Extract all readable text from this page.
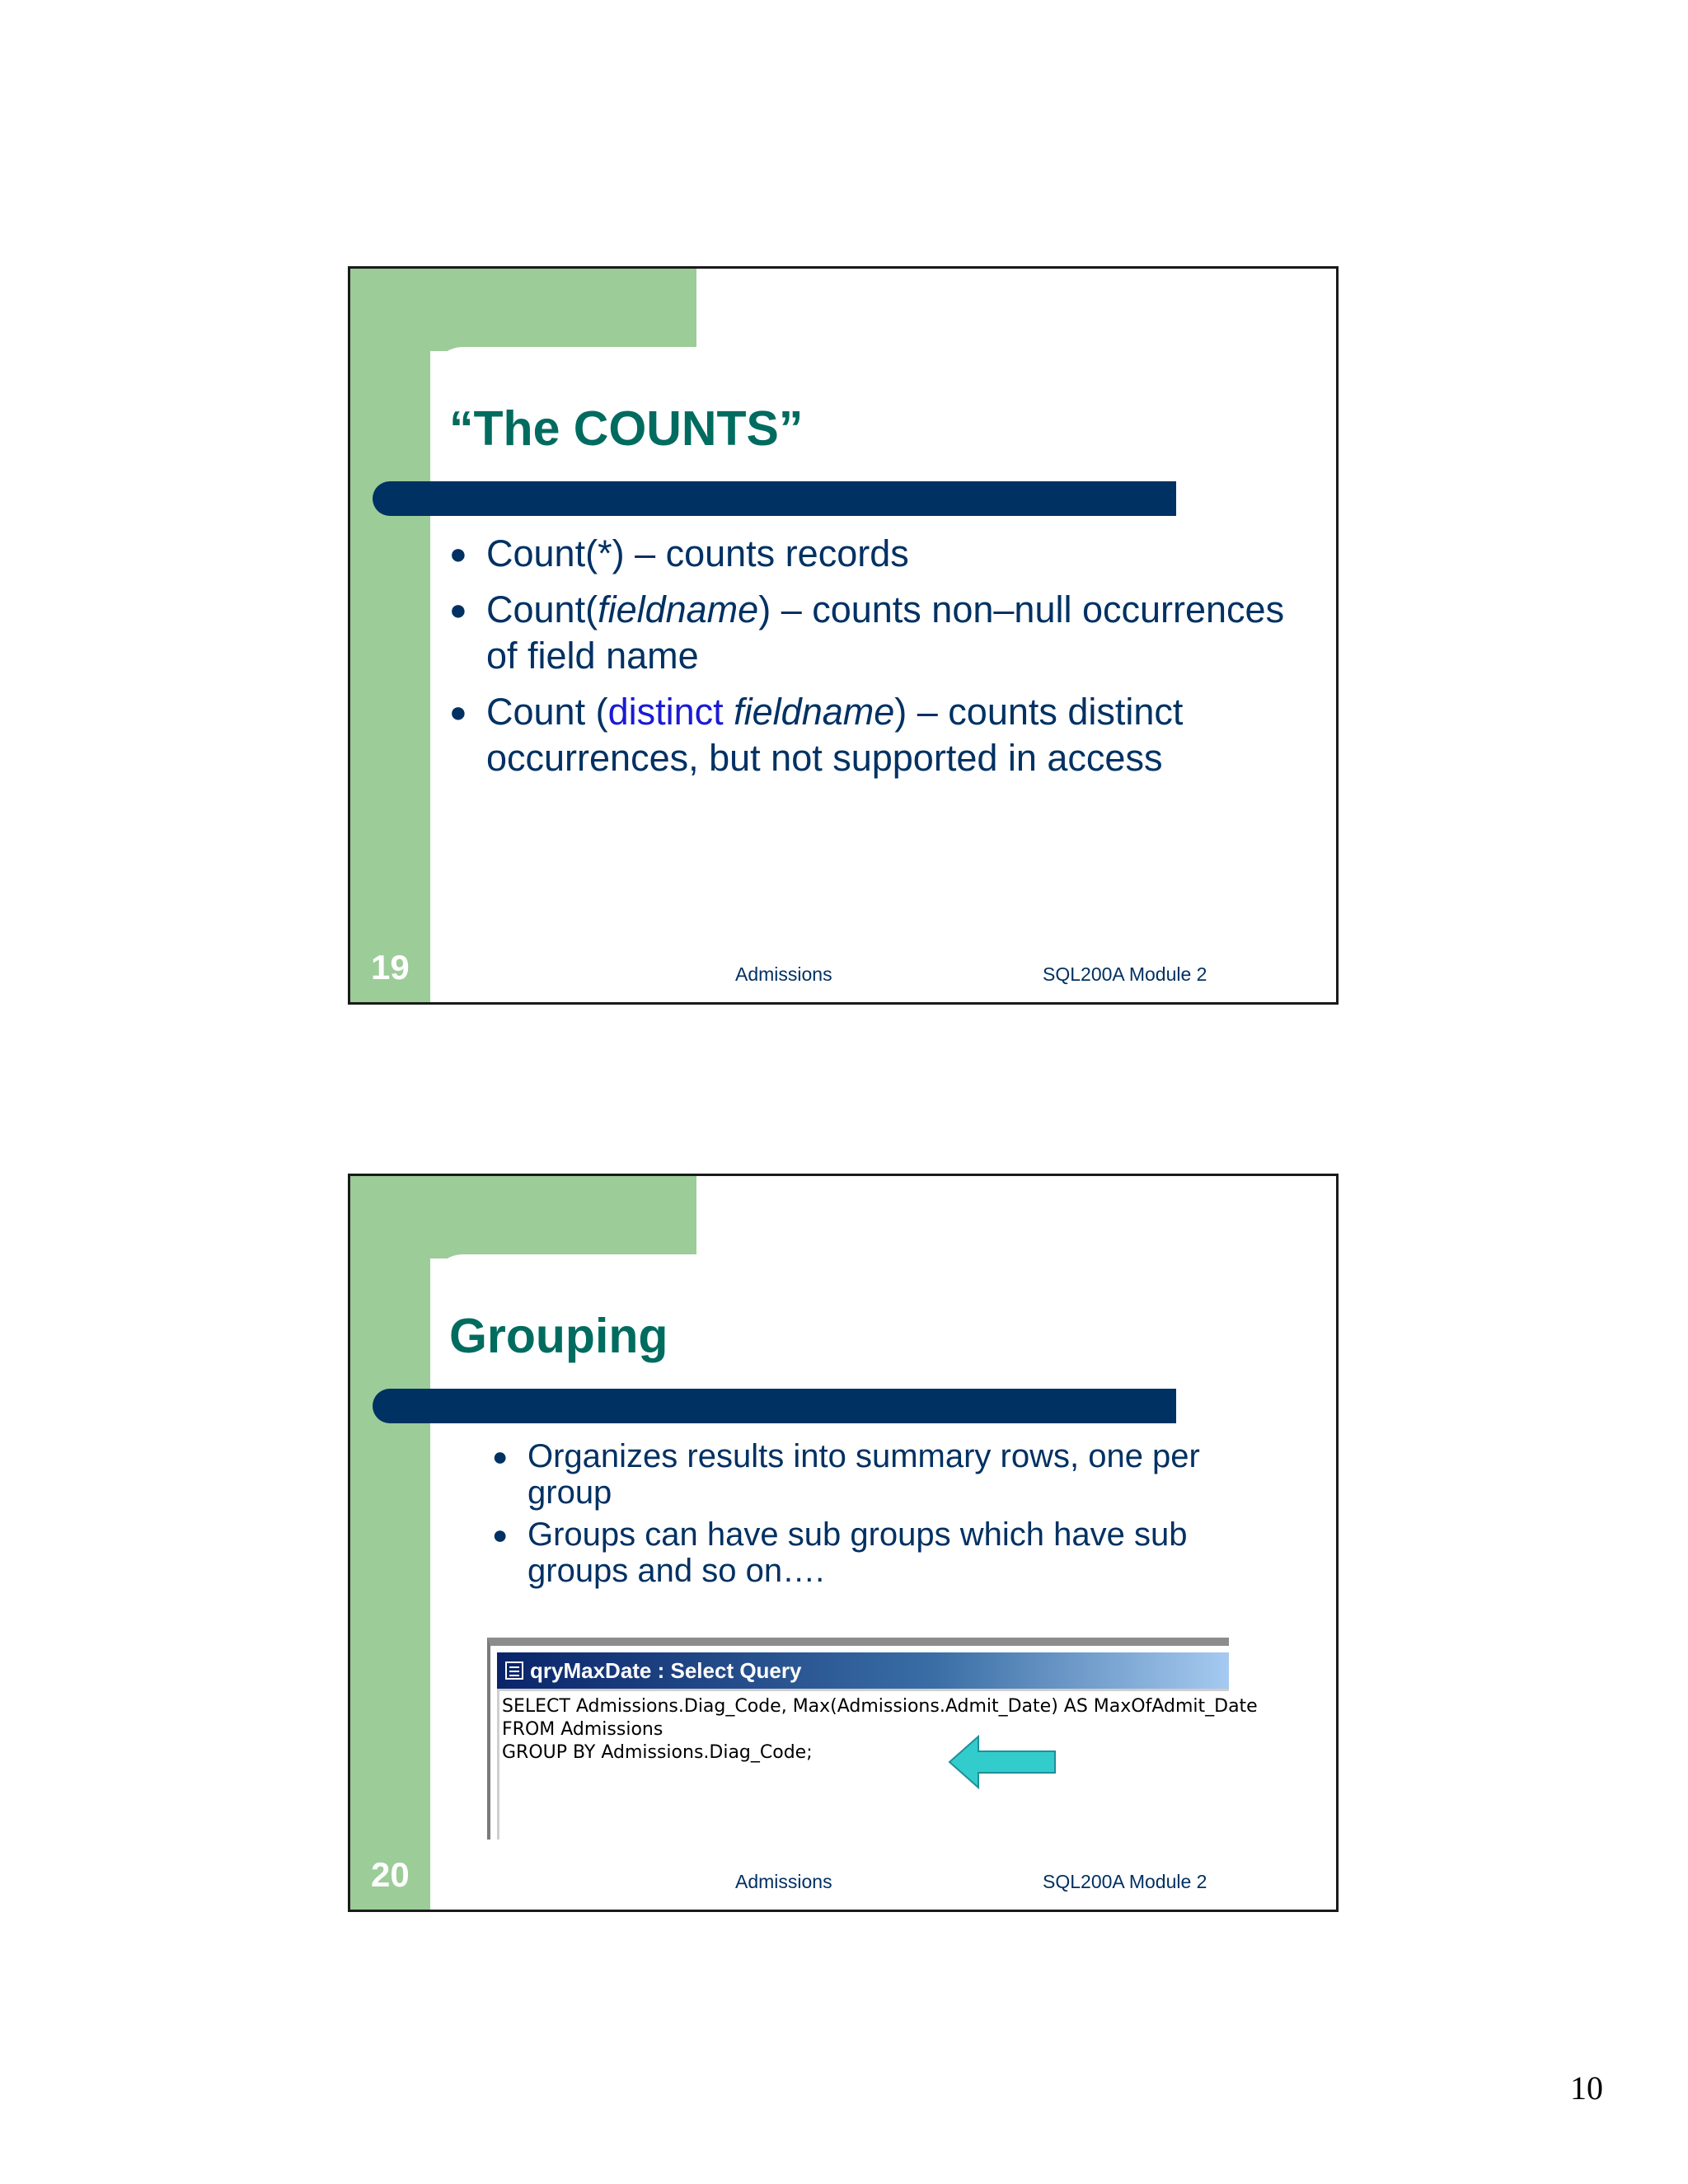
“The COUNTS”
● Count(*) – counts records
● Count(fieldname) – counts non–null occurrences of field name
● Count (distinct fieldname) – counts distinct occurrences, but not supported in access
19	Admissions	SQL200A Module 2
Grouping
● Organizes results into summary rows, one per group
● Groups can have sub groups which have sub groups and so on….
qryMaxDate : Select Query
SELECT Admissions.Diag_Code, Max(Admissions.Admit_Date) AS MaxOfAdmit_Date
FROM Admissions
GROUP BY Admissions.Diag_Code;
20	Admissions	SQL200A Module 2
10
